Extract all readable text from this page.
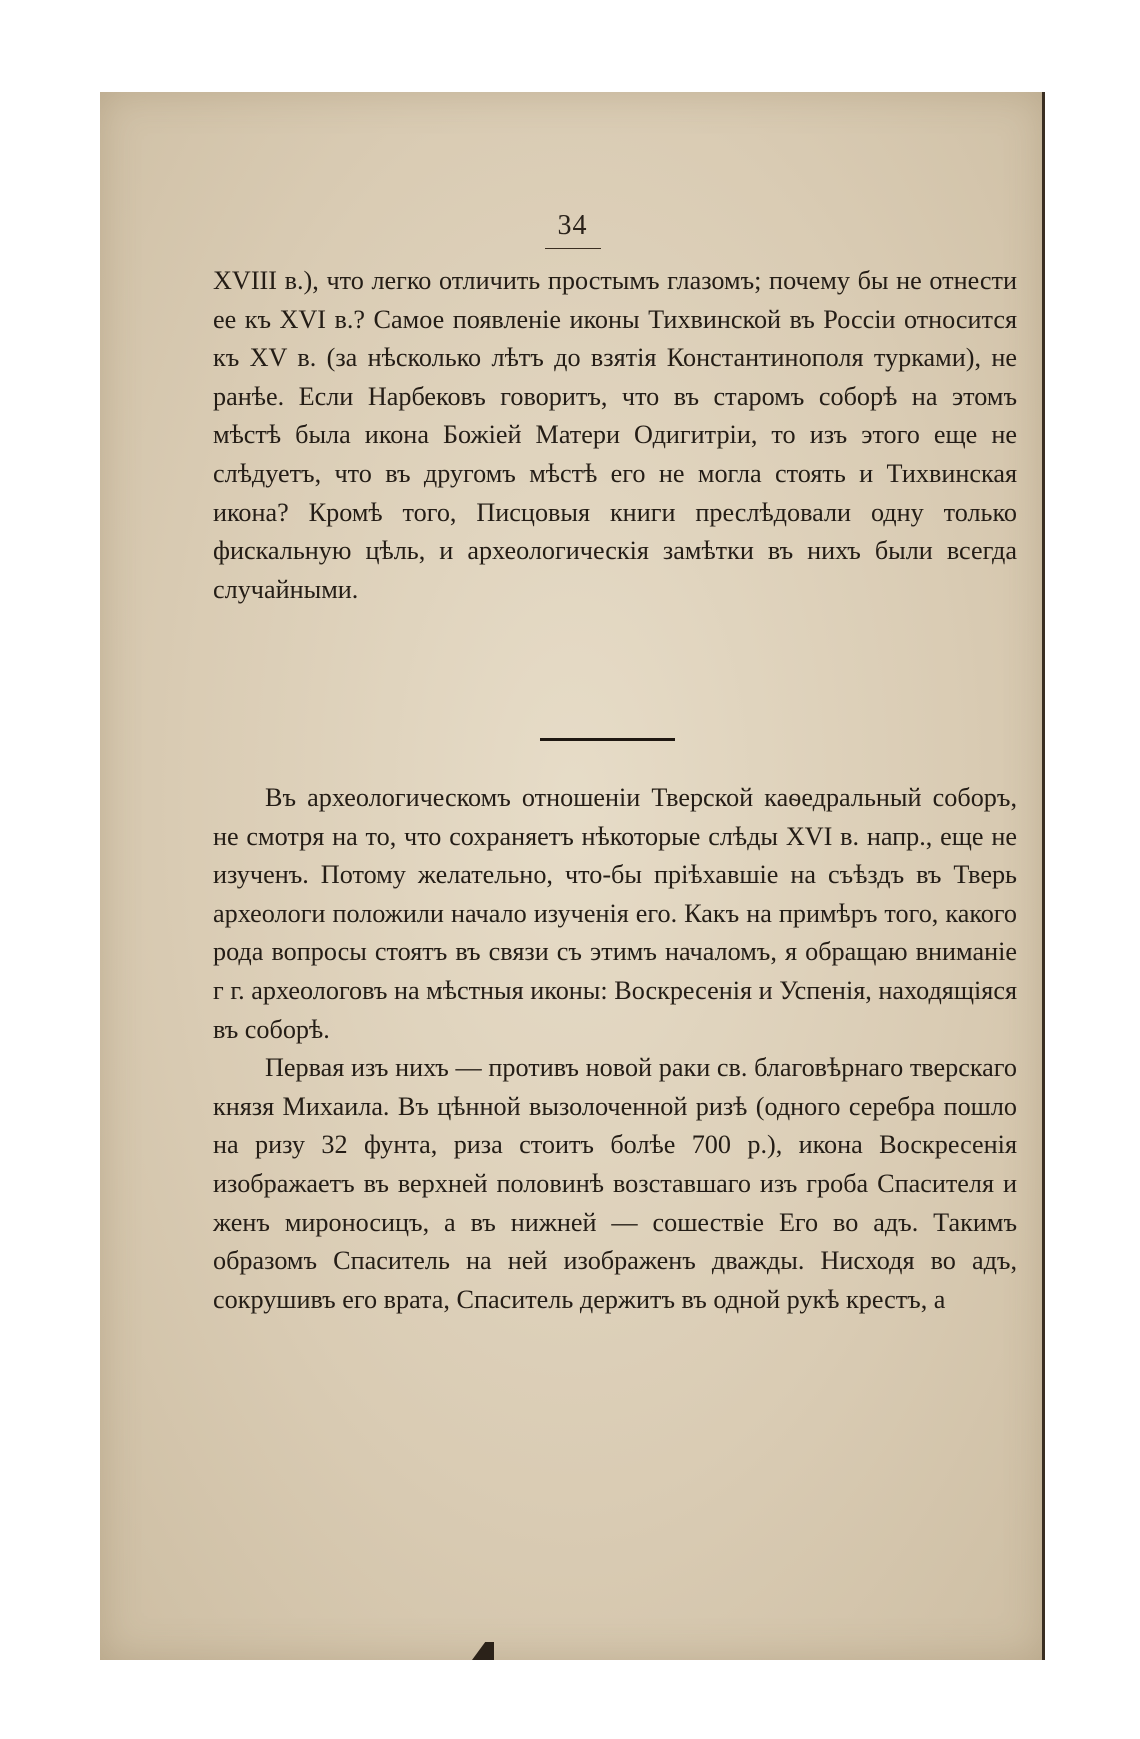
34

XVIII в.), что легко отличить простымъ глазомъ; почему бы не отнести ее къ XVI в.? Самое появленіе иконы Тихвинской въ Россіи относится къ XV в. (за нѣсколько лѣтъ до взятія Константинополя турками), не ранѣе. Если Нарбековъ говоритъ, что въ старомъ соборѣ на этомъ мѣстѣ была икона Божіей Матери Одигитріи, то изъ этого еще не слѣдуетъ, что въ другомъ мѣстѣ его не могла стоять и Тихвинская икона? Кромѣ того, Писцовыя книги преслѣдовали одну только фискальную цѣль, и археологическія замѣтки въ нихъ были всегда случайными.

Въ археологическомъ отношеніи Тверской каѳедральный соборъ, не смотря на то, что сохраняетъ нѣкоторые слѣды XVI в. напр., еще не изученъ. Потому желательно, что-бы пріѣхавшіе на съѣздъ въ Тверь археологи положили начало изученія его. Какъ на примѣръ того, какого рода вопросы стоятъ въ связи съ этимъ началомъ, я обращаю вниманіе г г. археологовъ на мѣстныя иконы: Воскресенія и Успенія, находящіяся въ соборѣ.

Первая изъ нихъ — противъ новой раки св. благовѣрнаго тверскаго князя Михаила. Въ цѣнной вызолоченной ризѣ (одного серебра пошло на ризу 32 фунта, риза стоитъ болѣе 700 р.), икона Воскресенія изображаетъ въ верхней половинѣ возставшаго изъ гроба Спасителя и женъ мироносицъ, а въ нижней — сошествіе Его во адъ. Такимъ образомъ Спаситель на ней изображенъ дважды. Нисходя во адъ, сокрушивъ его врата, Спаситель держитъ въ одной рукѣ крестъ, а
